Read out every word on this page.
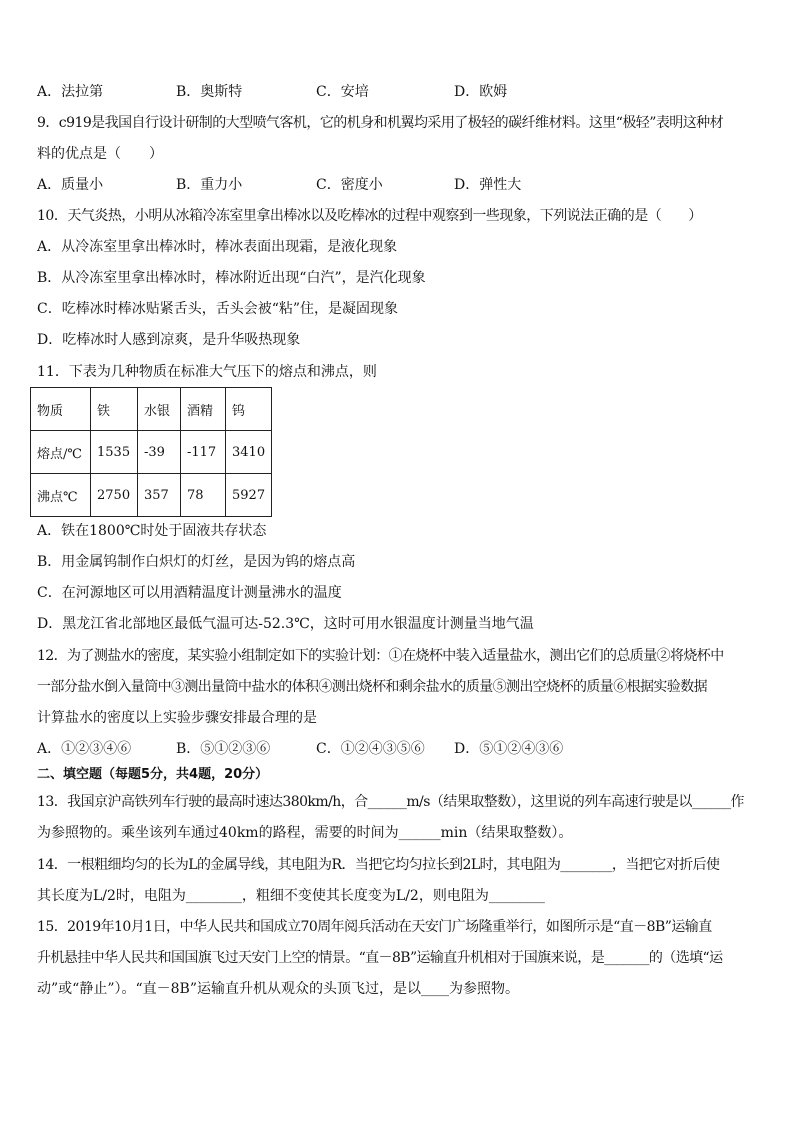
A．法拉第	B．奥斯特	C．安培	D．欧姆
9．c919是我国自行设计研制的大型喷气客机，它的机身和机翼均采用了极轻的碳纤维材料。这里“极轻”表明这种材
料的优点是（　　）
A．质量小	B．重力小	C．密度小	D．弹性大
10．天气炎热，小明从冰箱冷冻室里拿出棒冰以及吃棒冰的过程中观察到一些现象，下列说法正确的是（　　）
A．从冷冻室里拿出棒冰时，棒冰表面出现霜，是液化现象
B．从冷冻室里拿出棒冰时，棒冰附近出现“白汽”，是汽化现象
C．吃棒冰时棒冰贴紧舌头，舌头会被“粘”住，是凝固现象
D．吃棒冰时人感到凉爽，是升华吸热现象
11．下表为几种物质在标准大气压下的熔点和沸点，则
物质	铁	水银	酒精	钨
熔点/℃	1535	-39	-117	3410
沸点℃	2750	357	78	5927
A．铁在1800℃时处于固液共存状态
B．用金属钨制作白炽灯的灯丝，是因为钨的熔点高
C．在河源地区可以用酒精温度计测量沸水的温度
D．黑龙江省北部地区最低气温可达-52.3℃，这时可用水银温度计测量当地气温
12．为了测盐水的密度，某实验小组制定如下的实验计划：①在烧杯中装入适量盐水，测出它们的总质量②将烧杯中
一部分盐水倒入量筒中③测出量筒中盐水的体积④测出烧杯和剩余盐水的质量⑤测出空烧杯的质量⑥根据实验数据
计算盐水的密度以上实验步骤安排最合理的是
A．①②③④⑥	B．⑤①②③⑥	C．①②④③⑤⑥ D．⑤①②④③⑥
二、填空题（每题5分，共4题，20分）
13．我国京沪高铁列车行驶的最高时速达380km/h，合______m/s（结果取整数），这里说的列车高速行驶是以______作
为参照物的。乘坐该列车通过40km的路程，需要的时间为______min（结果取整数）。
14．一根粗细均匀的长为L的金属导线，其电阻为R．当把它均匀拉长到2L时，其电阻为________，当把它对折后使
其长度为L/2时，电阻为________，粗细不变使其长度变为L/2，则电阻为________
15．2019年10月1日，中华人民共和国成立70周年阅兵活动在天安门广场隆重举行，如图所示是“直－8B”运输直
升机悬挂中华人民共和国国旗飞过天安门上空的情景。“直－8B”运输直升机相对于国旗来说，是_______的（选填“运
动”或“静止”）。“直－8B”运输直升机从观众的头顶飞过，是以____为参照物。
